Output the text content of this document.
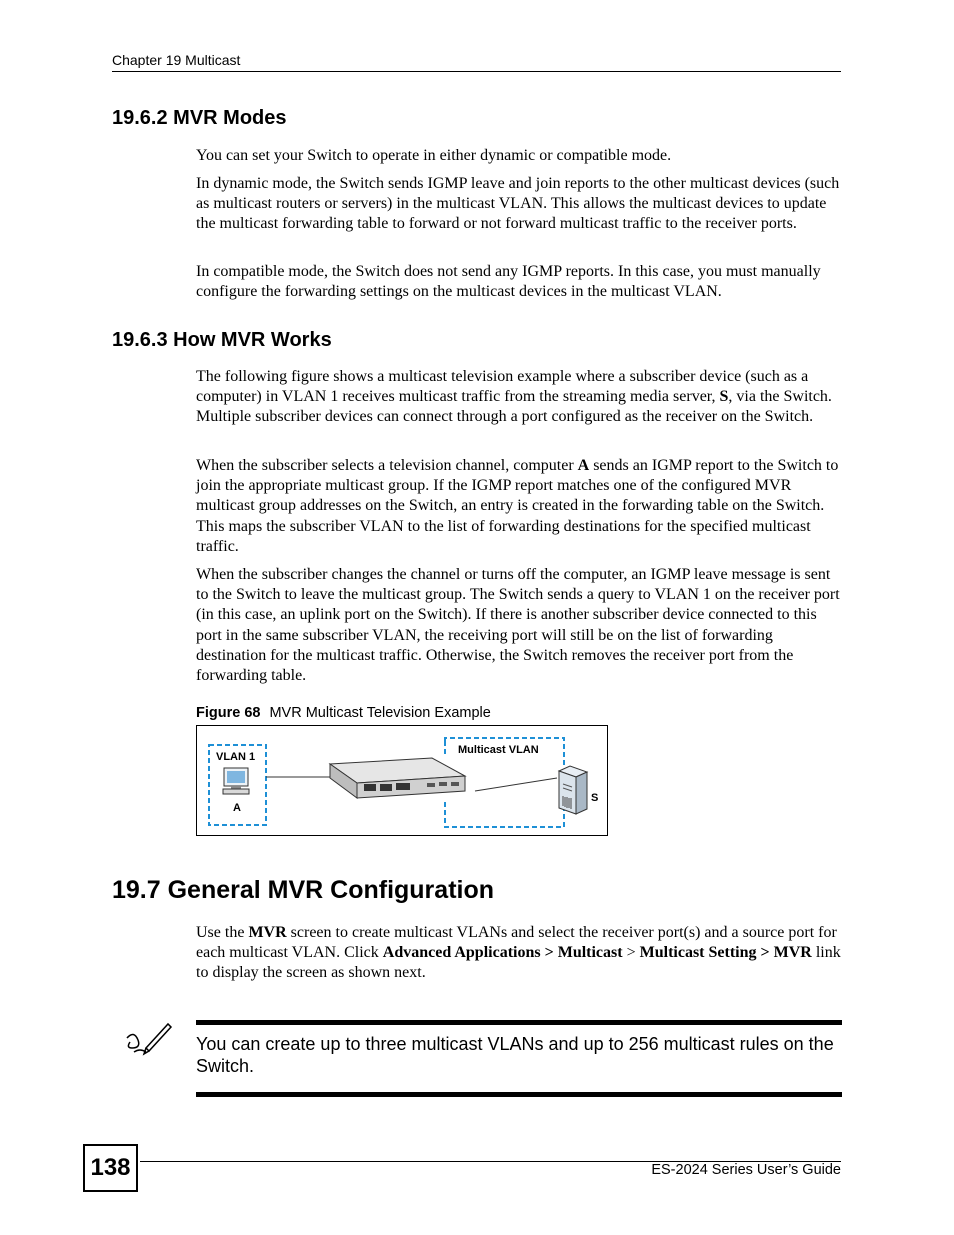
Chapter 19 Multicast
19.6.2 MVR Modes

You can set your Switch to operate in either dynamic or compatible mode.

In dynamic mode, the Switch sends IGMP leave and join reports to the other multicast devices (such as multicast routers or servers) in the multicast VLAN. This allows the multicast devices to update the multicast forwarding table to forward or not forward multicast traffic to the receiver ports.

In compatible mode, the Switch does not send any IGMP reports. In this case, you must manually configure the forwarding settings on the multicast devices in the multicast VLAN.

19.6.3 How MVR Works

The following figure shows a multicast television example where a subscriber device (such as a computer) in VLAN 1 receives multicast traffic from the streaming media server, S, via the Switch. Multiple subscriber devices can connect through a port configured as the receiver on the Switch.

When the subscriber selects a television channel, computer A sends an IGMP report to the Switch to join the appropriate multicast group. If the IGMP report matches one of the configured MVR multicast group addresses on the Switch, an entry is created in the forwarding table on the Switch. This maps the subscriber VLAN to the list of forwarding destinations for the specified multicast traffic.

When the subscriber changes the channel or turns off the computer, an IGMP leave message is sent to the Switch to leave the multicast group. The Switch sends a query to VLAN 1 on the receiver port (in this case, an uplink port on the Switch). If there is another subscriber device connected to this port in the same subscriber VLAN, the receiving port will still be on the list of forwarding destination for the multicast traffic. Otherwise, the Switch removes the receiver port from the forwarding table.

Figure 68 MVR Multicast Television Example
VLAN 1
A
Multicast VLAN
S
19.7 General MVR Configuration

Use the MVR screen to create multicast VLANs and select the receiver port(s) and a source port for each multicast VLAN. Click Advanced Applications > Multicast > Multicast Setting > MVR link to display the screen as shown next.

You can create up to three multicast VLANs and up to 256 multicast rules on the Switch.

138	ES-2024 Series User’s Guide
